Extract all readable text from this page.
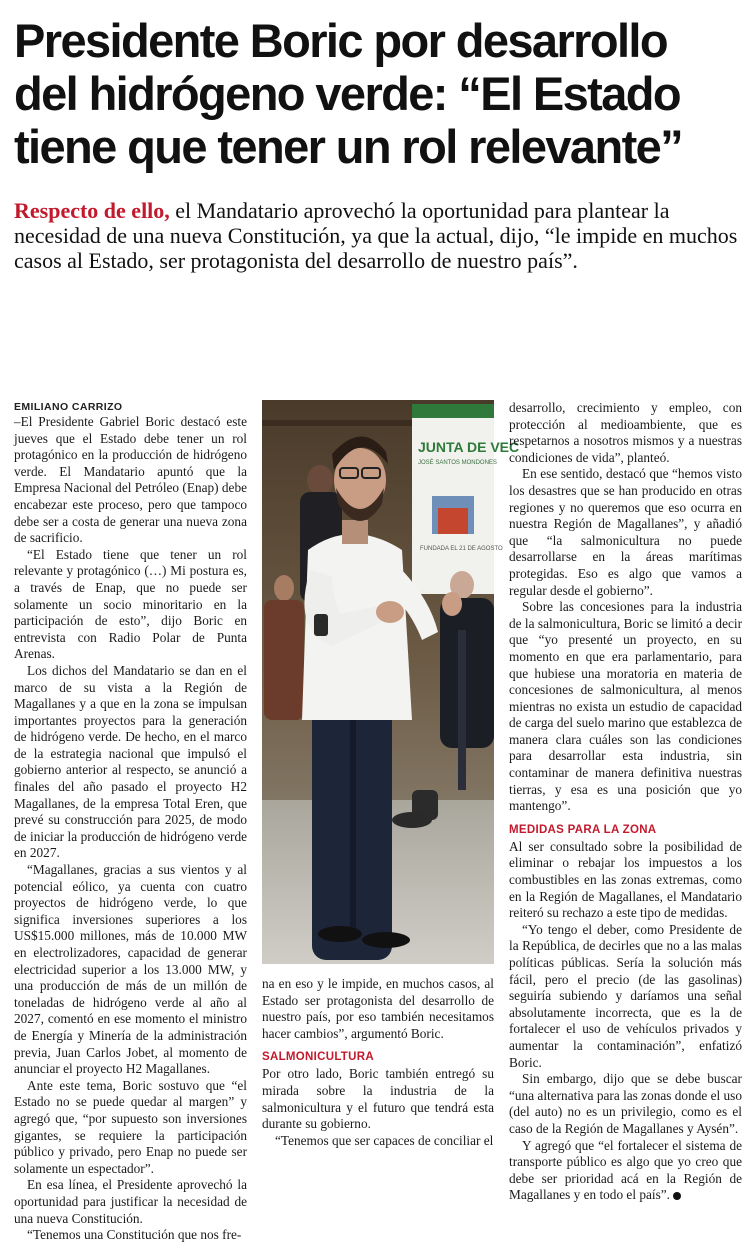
Presidente Boric por desarrollo del hidrógeno verde: “El Estado tiene que tener un rol relevante”

Respecto de ello, el Mandatario aprovechó la oportunidad para plantear la necesidad de una nueva Constitución, ya que la actual, dijo, “le impide en muchos casos al Estado, ser protagonista del desarrollo de nuestro país”.

EMILIANO CARRIZO

–El Presidente Gabriel Boric destacó este jueves que el Estado debe tener un rol protagónico en la producción de hidrógeno verde. El Mandatario apuntó que la Empresa Nacional del Petróleo (Enap) debe encabezar este proceso, pero que tampoco debe ser a costa de generar una nueva zona de sacrificio.

“El Estado tiene que tener un rol relevante y protagónico (…) Mi postura es, a través de Enap, que no puede ser solamente un socio minoritario en la participación de esto”, dijo Boric en entrevista con Radio Polar de Punta Arenas.

Los dichos del Mandatario se dan en el marco de su vista a la Región de Magallanes y a que en la zona se impulsan importantes proyectos para la generación de hidrógeno verde. De hecho, en el marco de la estrategia nacional que impulsó el gobierno anterior al respecto, se anunció a finales del año pasado el proyecto H2 Magallanes, de la empresa Total Eren, que prevé su construcción para 2025, de modo de iniciar la producción de hidrógeno verde en 2027.

“Magallanes, gracias a sus vientos y al potencial eólico, ya cuenta con cuatro proyectos de hidrógeno verde, lo que significa inversiones superiores a los US$15.000 millones, más de 10.000 MW en electrolizadores, capacidad de generar electricidad superior a los 13.000 MW, y una producción de más de un millón de toneladas de hidrógeno verde al año al 2027, comentó en ese momento el ministro de Energía y Minería de la administración previa, Juan Carlos Jobet, al momento de anunciar el proyecto H2 Magallanes.

Ante este tema, Boric sostuvo que “el Estado no se puede quedar al margen” y agregó que, “por supuesto son inversiones gigantes, se requiere la participación público y privado, pero Enap no puede ser solamente un espectador”.

En esa línea, el Presidente aprovechó la oportunidad para justificar la necesidad de una nueva Constitución.

“Tenemos una Constitución que nos fre-

JUNTA DE VEC
JOSÉ SANTOS MONDONES
FUNDADA EL 21 DE AGOSTO

na en eso y le impide, en muchos casos, al Estado ser protagonista del desarrollo de nuestro país, por eso también necesitamos hacer cambios”, argumentó Boric.

SALMONICULTURA

Por otro lado, Boric también entregó su mirada sobre la industria de la salmonicultura y el futuro que tendrá esta durante su gobierno.

“Tenemos que ser capaces de conciliar el

desarrollo, crecimiento y empleo, con protección al medioambiente, que es respetarnos a nosotros mismos y a nuestras condiciones de vida”, planteó.

En ese sentido, destacó que “hemos visto los desastres que se han producido en otras regiones y no queremos que eso ocurra en nuestra Región de Magallanes”, y añadió que “la salmonicultura no puede desarrollarse en la áreas marítimas protegidas. Eso es algo que vamos a regular desde el gobierno”.

Sobre las concesiones para la industria de la salmonicultura, Boric se limitó a decir que “yo presenté un proyecto, en su momento en que era parlamentario, para que hubiese una moratoria en materia de concesiones de salmonicultura, al menos mientras no exista un estudio de capacidad de carga del suelo marino que establezca de manera clara cuáles son las condiciones para desarrollar esta industria, sin contaminar de manera definitiva nuestras tierras, y esa es una posición que yo mantengo”.

MEDIDAS PARA LA ZONA

Al ser consultado sobre la posibilidad de eliminar o rebajar los impuestos a los combustibles en las zonas extremas, como en la Región de Magallanes, el Mandatario reiteró su rechazo a este tipo de medidas.

“Yo tengo el deber, como Presidente de la República, de decirles que no a las malas políticas públicas. Sería la solución más fácil, pero el precio (de las gasolinas) seguiría subiendo y daríamos una señal absolutamente incorrecta, que es la de fortalecer el uso de vehículos privados y aumentar la contaminación”, enfatizó Boric.

Sin embargo, dijo que se debe buscar “una alternativa para las zonas donde el uso (del auto) no es un privilegio, como es el caso de la Región de Magallanes y Aysén”.

Y agregó que “el fortalecer el sistema de transporte público es algo que yo creo que debe ser prioridad acá en la Región de Magallanes y en todo el país”.
